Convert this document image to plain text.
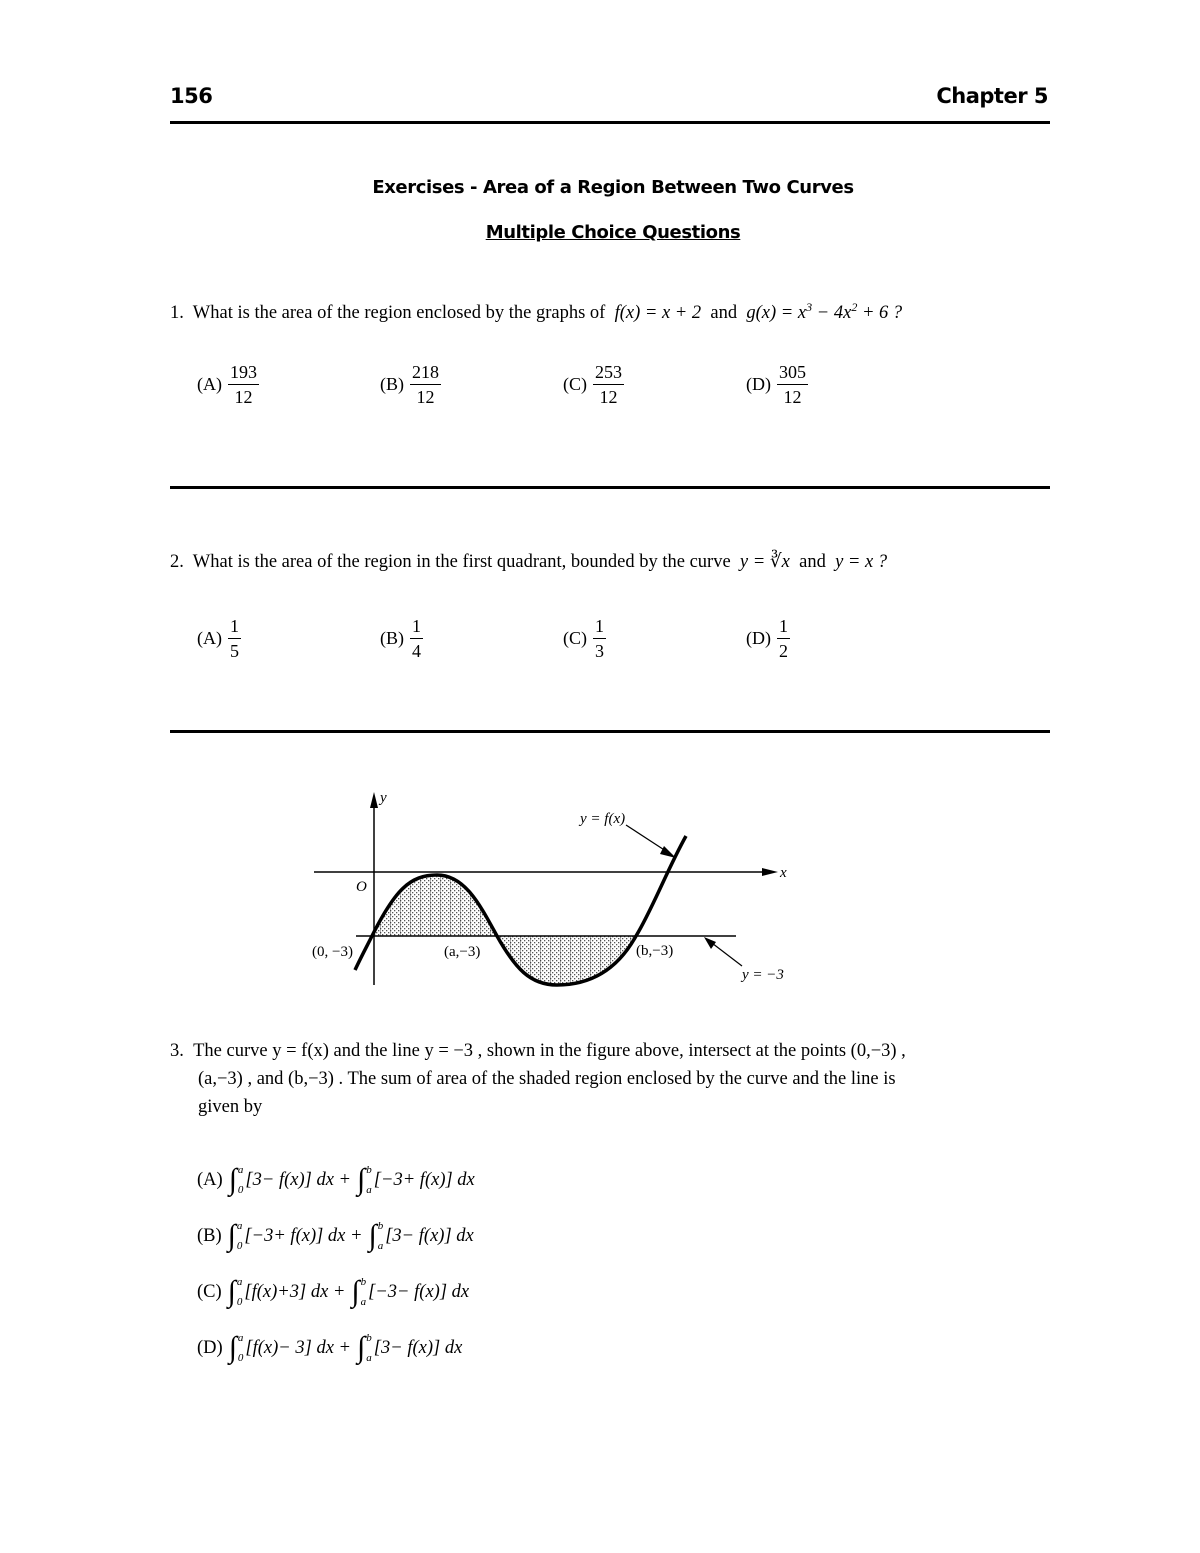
156	Chapter 5
Exercises - Area of a Region Between Two Curves
Multiple Choice Questions
1. What is the area of the region enclosed by the graphs of f(x) = x + 2 and $g(x) = x^3 - 4x^2 + 6$ ?
$(A) \frac{193}{12}$	$(B) \frac{218}{12}$	$(C) \frac{253}{12}$	$(D) \frac{305}{12}$
2. What is the area of the region in the first quadrant, bounded by the curve y = ∛x and y = x ?
$(A) \frac{1}{5}$	$(B) \frac{1}{4}$	$(C) \frac{1}{3}$	$(D) \frac{1}{2}$
y
x
O
y = f(x)
y = −3
(0, −3)	(a,−3)	(b,−3)
3. The curve y = f(x) and the line y = −3 , shown in the figure above, intersect at the points (0,−3) ,
(a,−3) , and (b,−3) . The sum of area of the shaded region enclosed by the curve and the line is
given by
(A) ∫ a
0
[3− f(x)] dx + ∫ b
a
[−3+ f(x)] dx
(B) ∫ a
0
[−3+ f(x)] dx + ∫ b
a
[3− f(x)] dx
(C) ∫ a
0
[f(x)+3] dx + ∫ b
a
[−3− f(x)] dx
(D) ∫ a
0
[f(x)− 3] dx + ∫ b
a
[3− f(x)] dx
